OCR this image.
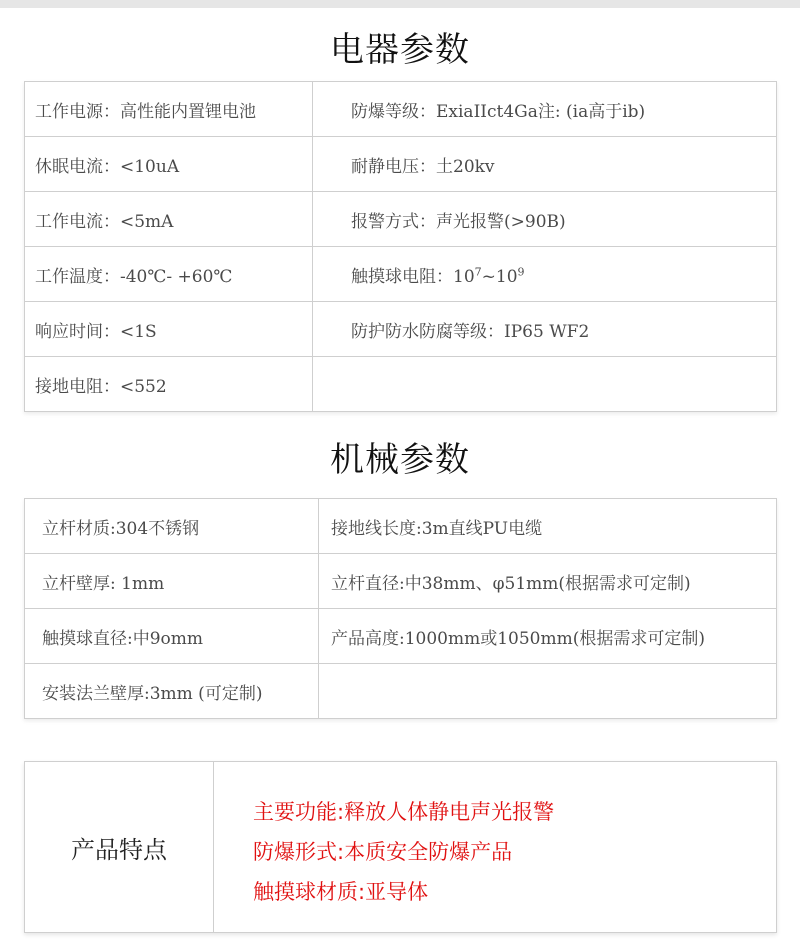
电器参数
工作电源：高性能内置锂电池	防爆等级：ExiaIIct4Ga注: (ia高于ib)
休眠电流：<10uA	耐静电压：土20kv
工作电流：<5mA	报警方式：声光报警(>90B)
工作温度：-40℃- +60℃	触摸球电阻：$10^7\sim 10^9$
响应时间：<1S	防护防水防腐等级：IP65 WF2
接地电阻：<552	
机械参数
立杆材质:304不锈钢	接地线长度:3m直线PU电缆
立杆壁厚: 1mm	立杆直径:中38mm、φ51mm(根据需求可定制)
触摸球直径:中9omm	产品高度:1000mm或1050mm(根据需求可定制)
安装法兰壁厚:3mm (可定制)	
产品特点
主要功能:释放人体静电声光报警
防爆形式:本质安全防爆产品
触摸球材质:亚导体
